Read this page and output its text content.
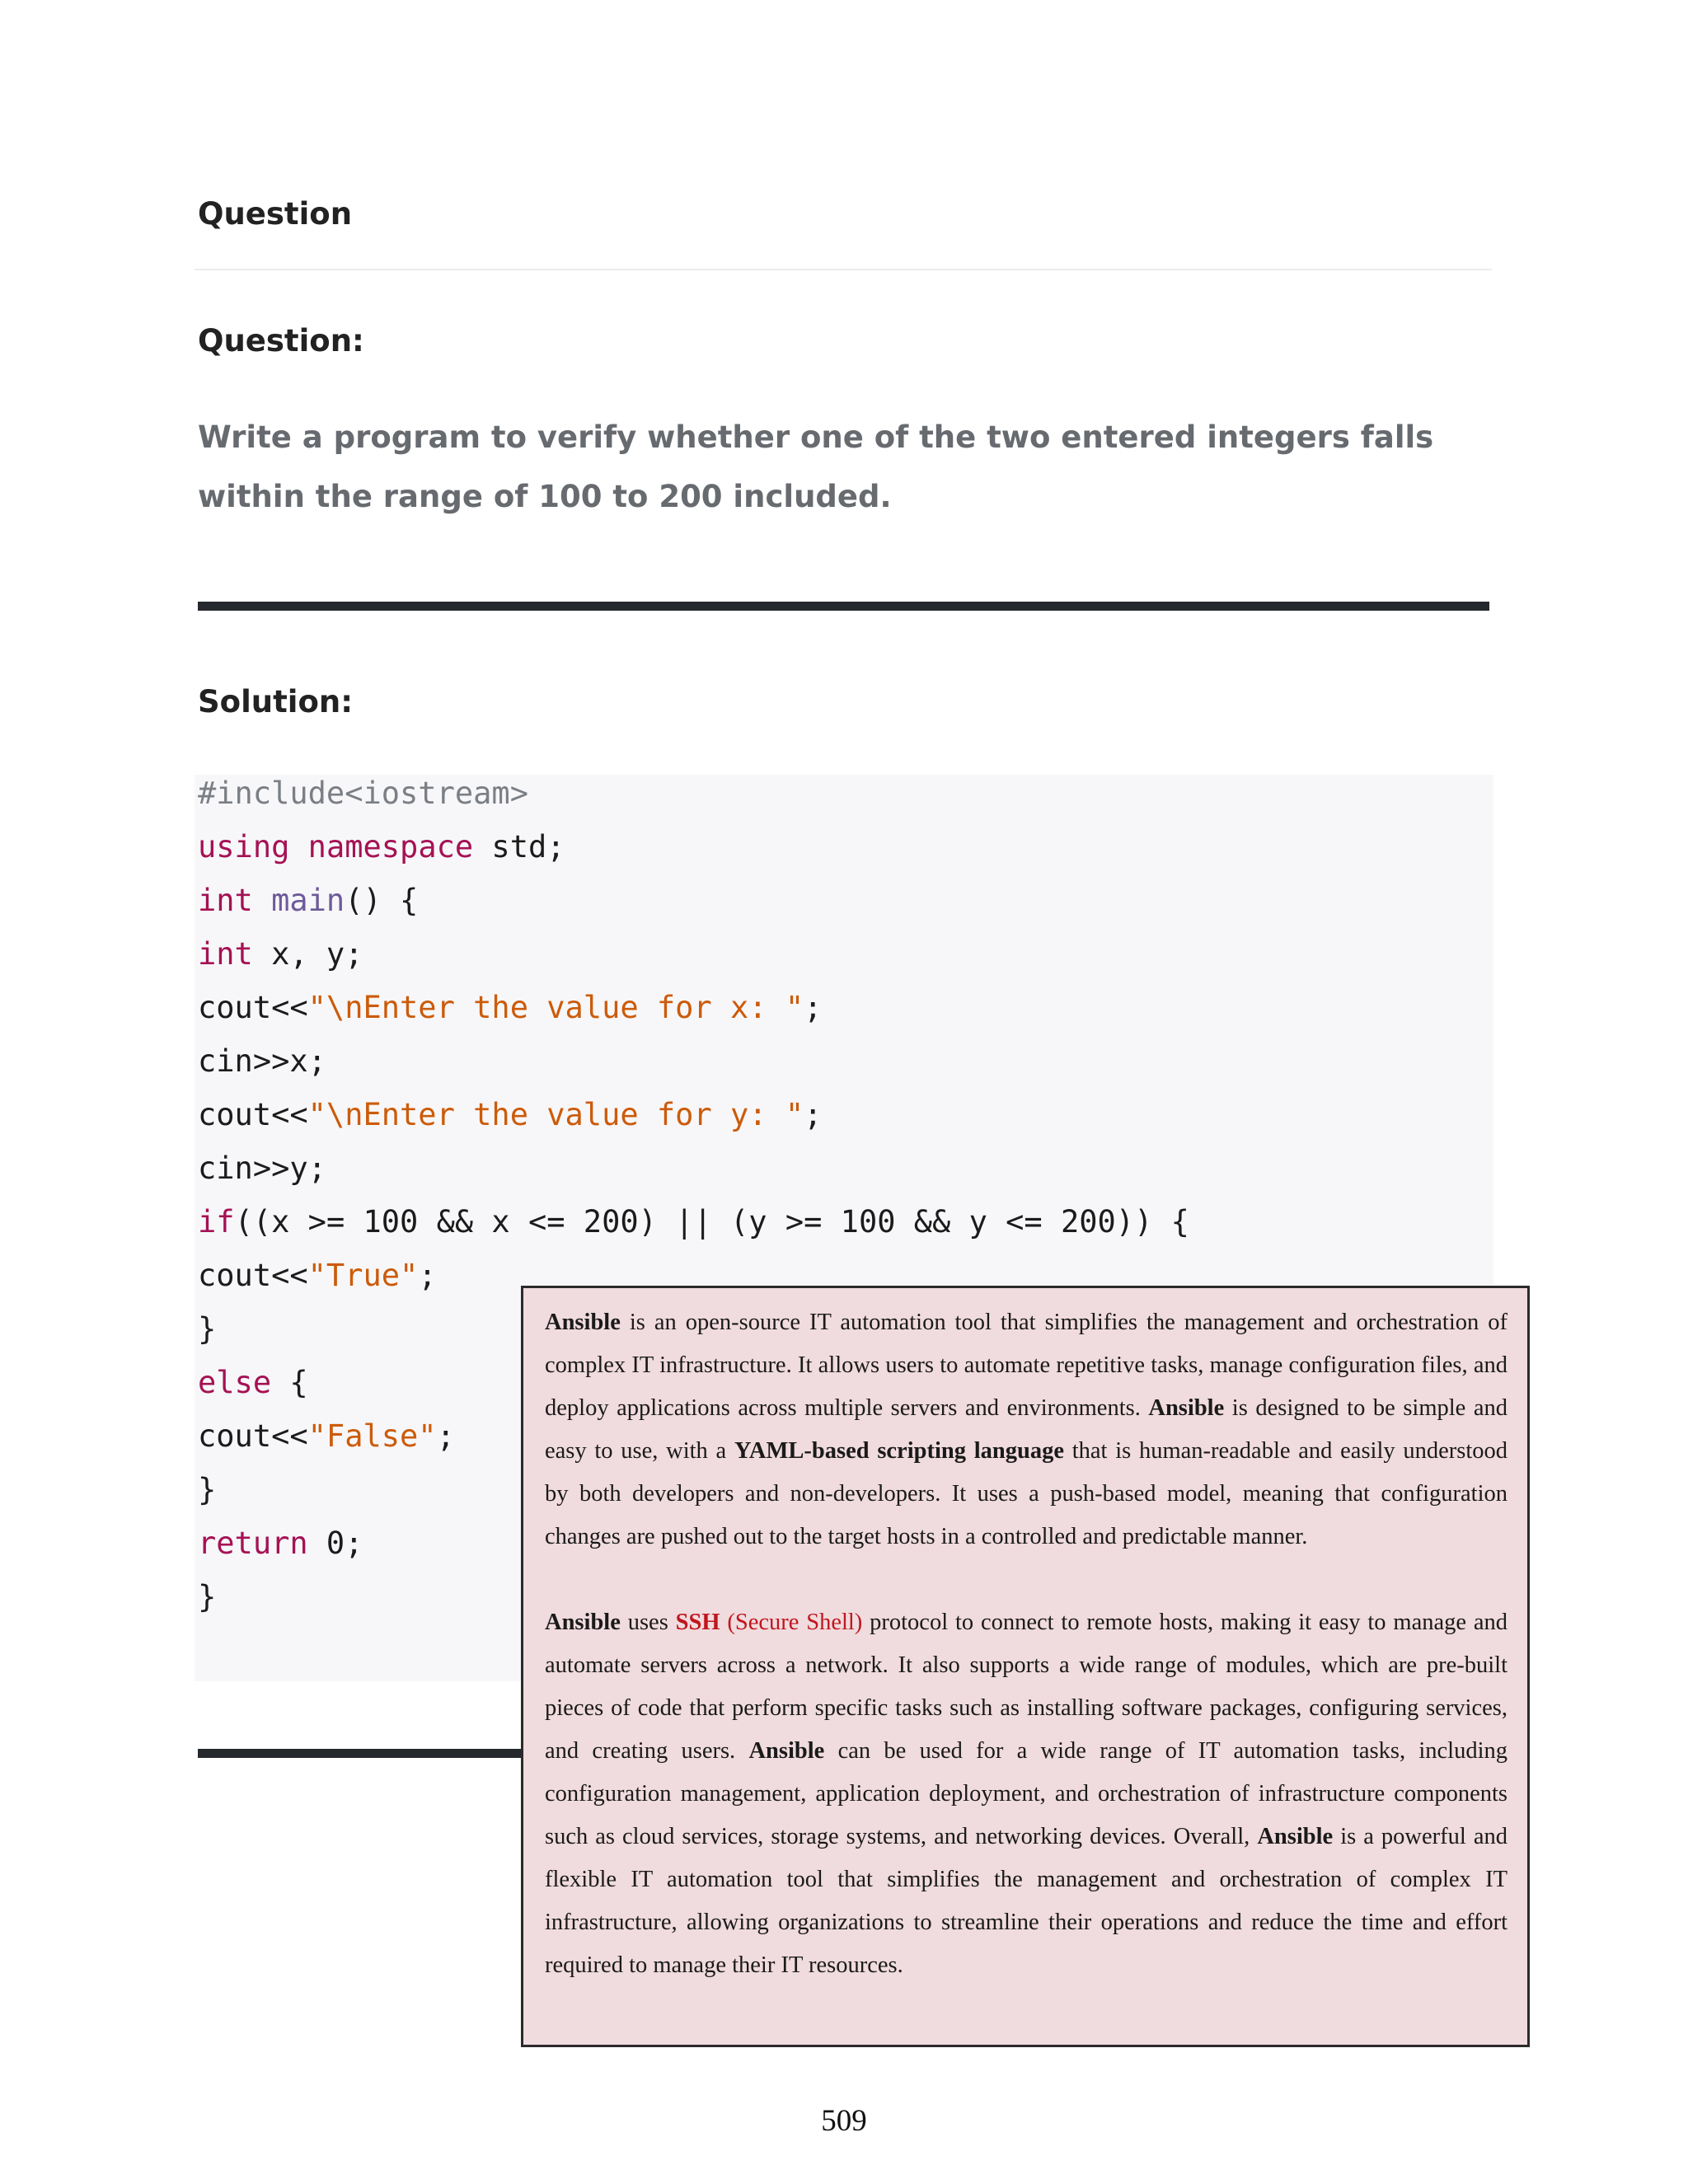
Question
Question:

Write a program to verify whether one of the two entered integers falls within the range of 100 to 200 included.

Solution:
#include<iostream>
using namespace std;
int main() {
int x, y;
cout<<"\nEnter the value for x: ";
cin>>x;
cout<<"\nEnter the value for y: ";
cin>>y;
if((x >= 100 && x <= 200) || (y >= 100 && y <= 200)) {
cout<<"True";
}
else {
cout<<"False";
}
return 0;
}

Ansible is an open-source IT automation tool that simplifies the management and orchestration of complex IT infrastructure. It allows users to automate repetitive tasks, manage configuration files, and deploy applications across multiple servers and environments. Ansible is designed to be simple and easy to use, with a YAML-based scripting language that is human-readable and easily understood by both developers and non-developers. It uses a push-based model, meaning that configuration changes are pushed out to the target hosts in a controlled and predictable manner.

Ansible uses SSH (Secure Shell) protocol to connect to remote hosts, making it easy to manage and automate servers across a network. It also supports a wide range of modules, which are pre-built pieces of code that perform specific tasks such as installing software packages, configuring services, and creating users. Ansible can be used for a wide range of IT automation tasks, including configuration management, application deployment, and orchestration of infrastructure components such as cloud services, storage systems, and networking devices. Overall, Ansible is a powerful and flexible IT automation tool that simplifies the management and orchestration of complex IT infrastructure, allowing organizations to streamline their operations and reduce the time and effort required to manage their IT resources.

509
